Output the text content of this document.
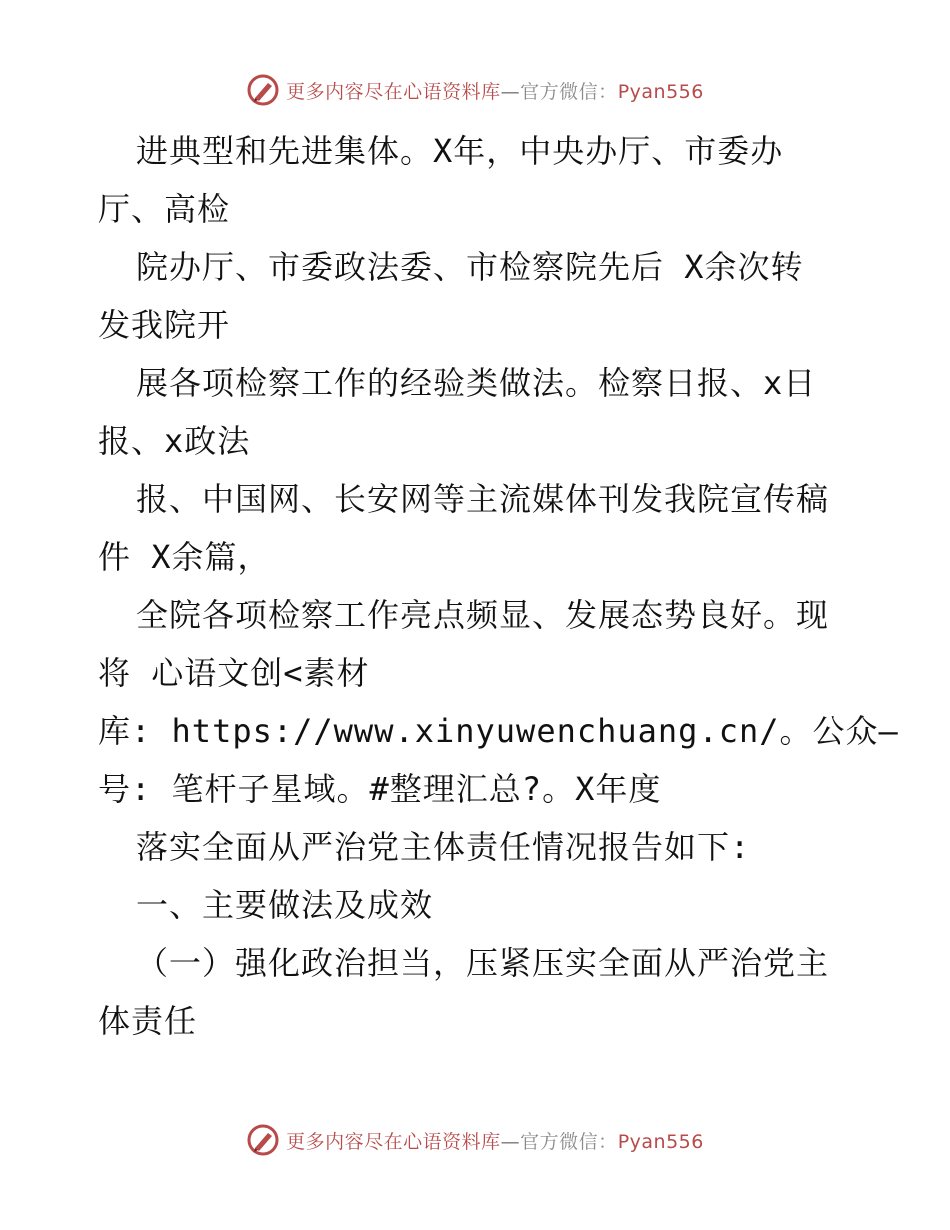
更多内容尽在心语资料库—官方微信：Pyan556
进典型和先进集体。X年，中央办厅、市委办
厅、高检
院办厅、市委政法委、市检察院先后 X余次转
发我院开
展各项检察工作的经验类做法。检察日报、x日
报、x政法
报、中国网、长安网等主流媒体刊发我院宣传稿
件 X余篇，
全院各项检察工作亮点频显、发展态势良好。现
将 心语文创<素材
库: https://www.xinyuwenchuang.cn/。公众—
号: 笔杆子星域。#整理汇总?。X年度
落实全面从严治党主体责任情况报告如下:
一、主要做法及成效
（一）强化政治担当，压紧压实全面从严治党主
体责任
更多内容尽在心语资料库—官方微信：Pyan556
